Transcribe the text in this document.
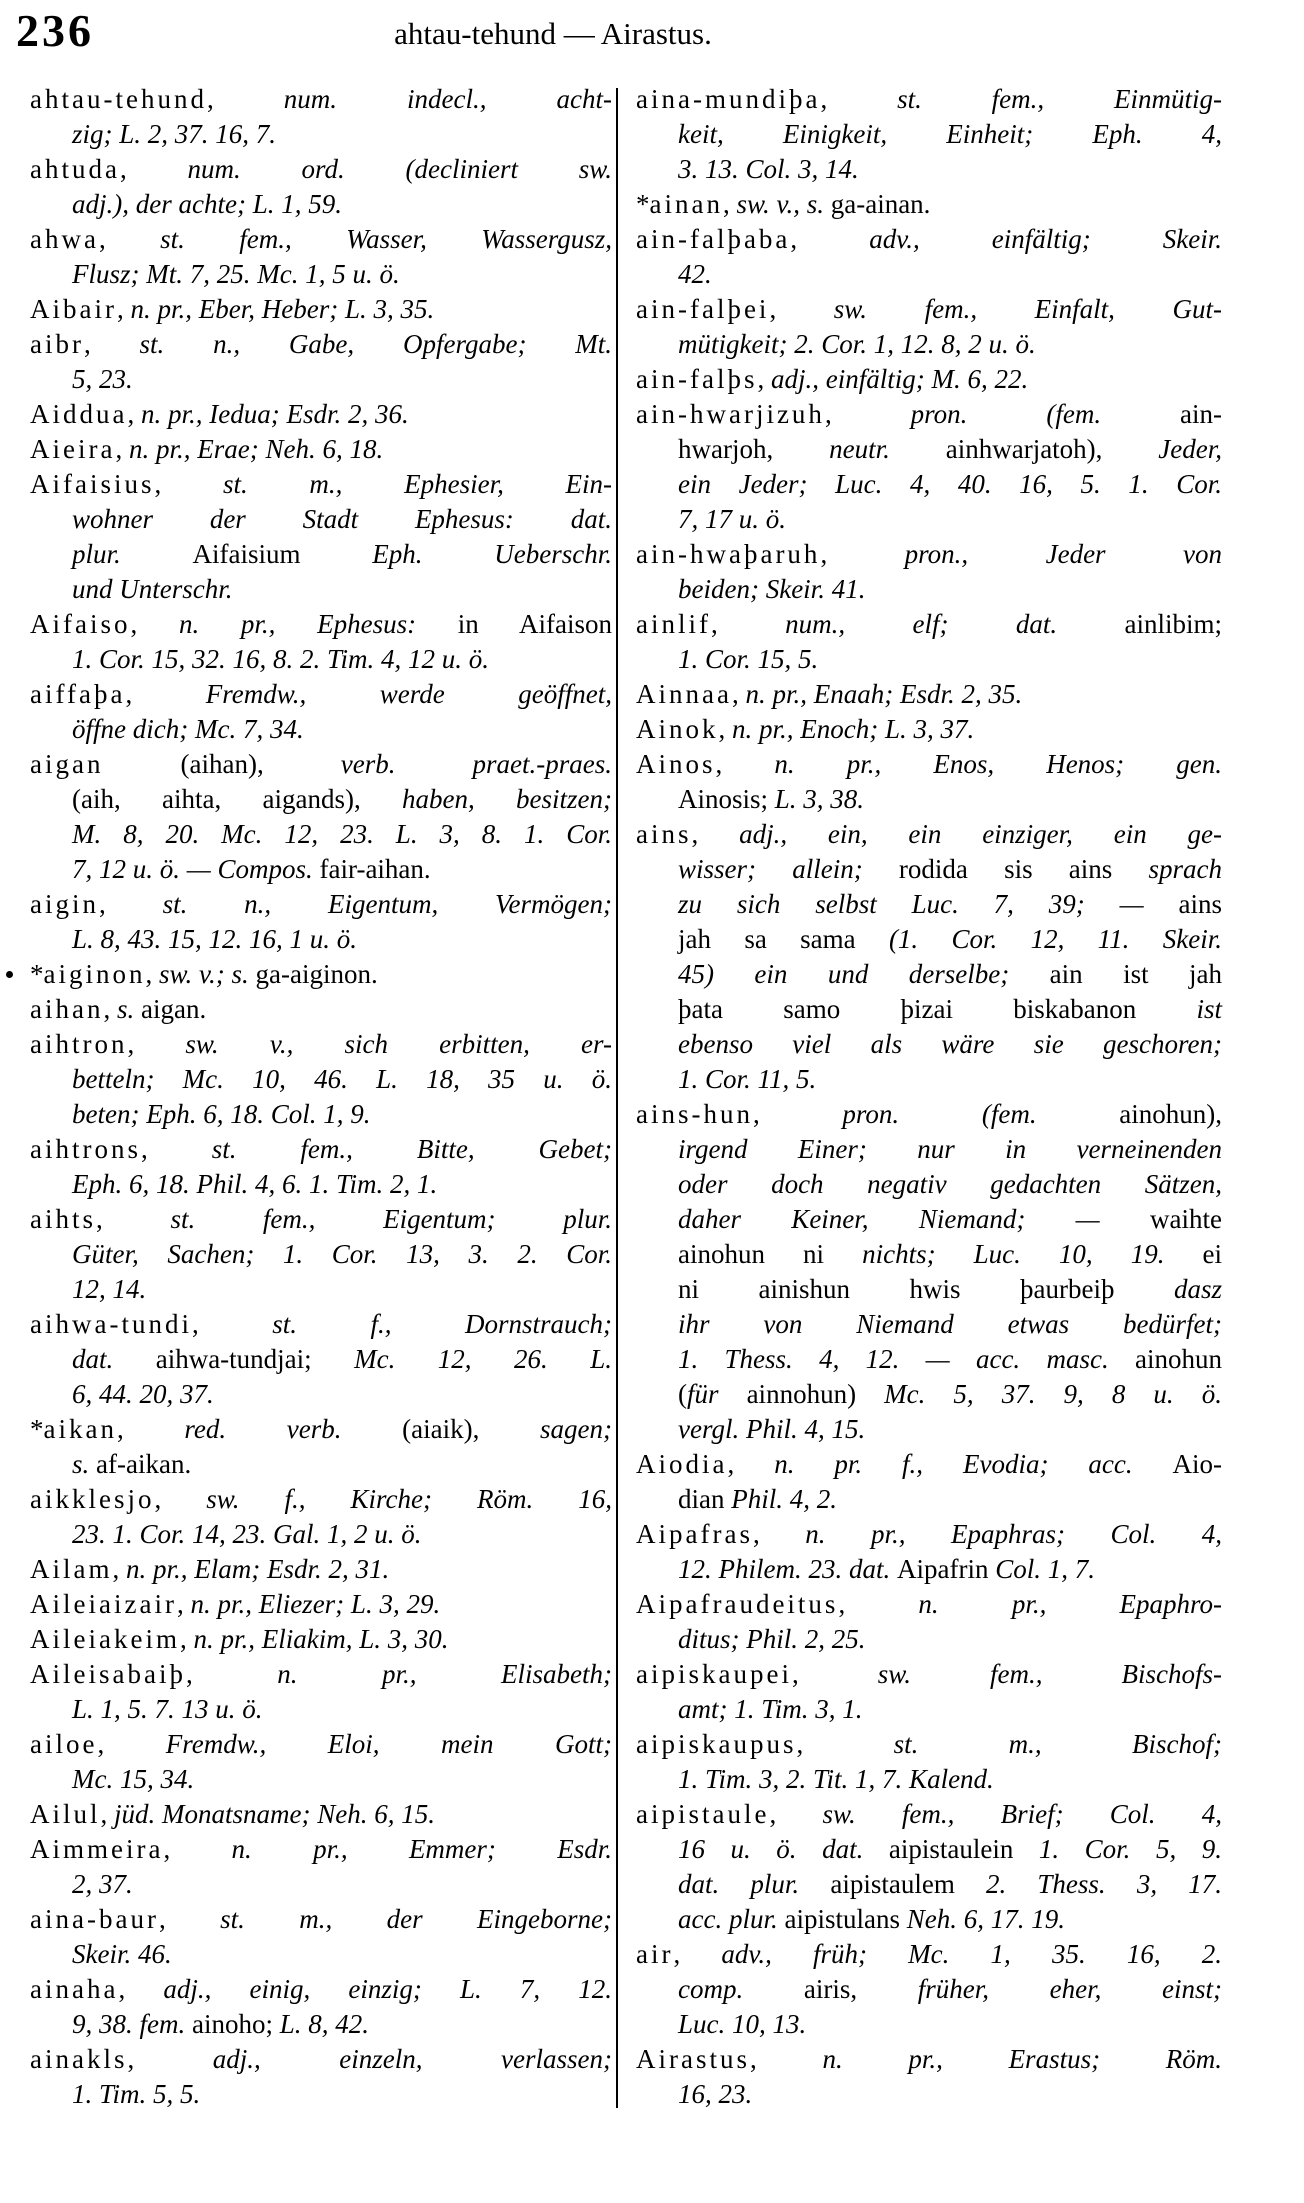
236	ahtau-tehund — Airastus.
ahtau-tehund, num. indecl., acht-
zig; L. 2, 37. 16, 7.
ahtuda, num. ord. (decliniert sw.
adj.), der achte; L. 1, 59.
ahwa, st. fem., Wasser, Wassergusz,
Flusz; Mt. 7, 25. Mc. 1, 5 u. ö.
Aibair, n. pr., Eber, Heber; L. 3, 35.
aibr, st. n., Gabe, Opfergabe; Mt.
5, 23.
Aiddua, n. pr., Iedua; Esdr. 2, 36.
Aieira, n. pr., Erae; Neh. 6, 18.
Aifaisius, st. m., Ephesier, Ein-
wohner der Stadt Ephesus: dat.
plur. Aifaisium Eph. Ueberschr.
und Unterschr.
Aifaiso, n. pr., Ephesus: in Aifaison
1. Cor. 15, 32. 16, 8. 2. Tim. 4, 12 u. ö.
aiffaþa, Fremdw., werde geöffnet,
öffne dich; Mc. 7, 34.
aigan (aihan), verb. praet.-praes.
(aih, aihta, aigands), haben, besitzen;
M. 8, 20. Mc. 12, 23. L. 3, 8. 1. Cor.
7, 12 u. ö. — Compos. fair-aihan.
aigin, st. n., Eigentum, Vermögen;
L. 8, 43. 15, 12. 16, 1 u. ö.
*aiginon, sw. v.; s. ga-aiginon.
aihan, s. aigan.
aihtron, sw. v., sich erbitten, er-
betteln; Mc. 10, 46. L. 18, 35 u. ö.
beten; Eph. 6, 18. Col. 1, 9.
aihtrons, st. fem., Bitte, Gebet;
Eph. 6, 18. Phil. 4, 6. 1. Tim. 2, 1.
aihts, st. fem., Eigentum; plur.
Güter, Sachen; 1. Cor. 13, 3. 2. Cor.
12, 14.
aihwa-tundi, st. f., Dornstrauch;
dat. aihwa-tundjai; Mc. 12, 26. L.
6, 44. 20, 37.
*aikan, red. verb. (aiaik), sagen;
s. af-aikan.
aikklesjo, sw. f., Kirche; Röm. 16,
23. 1. Cor. 14, 23. Gal. 1, 2 u. ö.
Ailam, n. pr., Elam; Esdr. 2, 31.
Aileiaizair, n. pr., Eliezer; L. 3, 29.
Aileiakeim, n. pr., Eliakim, L. 3, 30.
Aileisabaiþ, n. pr., Elisabeth;
L. 1, 5. 7. 13 u. ö.
ailoe, Fremdw., Eloi, mein Gott;
Mc. 15, 34.
Ailul, jüd. Monatsname; Neh. 6, 15.
Aimmeira, n. pr., Emmer; Esdr.
2, 37.
aina-baur, st. m., der Eingeborne;
Skeir. 46.
ainaha, adj., einig, einzig; L. 7, 12.
9, 38. fem. ainoho; L. 8, 42.
ainakls, adj., einzeln, verlassen;
1. Tim. 5, 5.
aina-mundiþa, st. fem., Einmütig-
keit, Einigkeit, Einheit; Eph. 4,
3. 13. Col. 3, 14.
*ainan, sw. v., s. ga-ainan.
ain-falþaba, adv., einfältig; Skeir.
42.
ain-falþei, sw. fem., Einfalt, Gut-
mütigkeit; 2. Cor. 1, 12. 8, 2 u. ö.
ain-falþs, adj., einfältig; M. 6, 22.
ain-hwarjizuh, pron. (fem. ain-
hwarjoh, neutr. ainhwarjatoh), Jeder,
ein Jeder; Luc. 4, 40. 16, 5. 1. Cor.
7, 17 u. ö.
ain-hwaþaruh, pron., Jeder von
beiden; Skeir. 41.
ainlif, num., elf; dat. ainlibim;
1. Cor. 15, 5.
Ainnaa, n. pr., Enaah; Esdr. 2, 35.
Ainok, n. pr., Enoch; L. 3, 37.
Ainos, n. pr., Enos, Henos; gen.
Ainosis; L. 3, 38.
ains, adj., ein, ein einziger, ein ge-
wisser; allein; rodida sis ains sprach
zu sich selbst Luc. 7, 39; — ains
jah sa sama (1. Cor. 12, 11. Skeir.
45) ein und derselbe; ain ist jah
þata samo þizai biskabanon ist
ebenso viel als wäre sie geschoren;
1. Cor. 11, 5.
ains-hun, pron. (fem. ainohun),
irgend Einer; nur in verneinenden
oder doch negativ gedachten Sätzen,
daher Keiner, Niemand; — waihte
ainohun ni nichts; Luc. 10, 19. ei
ni ainishun hwis þaurbeiþ dasz
ihr von Niemand etwas bedürfet;
1. Thess. 4, 12. — acc. masc. ainohun
(für ainnohun) Mc. 5, 37. 9, 8 u. ö.
vergl. Phil. 4, 15.
Aiodia, n. pr. f., Evodia; acc. Aio-
dian Phil. 4, 2.
Aipafras, n. pr., Epaphras; Col. 4,
12. Philem. 23. dat. Aipafrin Col. 1, 7.
Aipafraudeitus, n. pr., Epaphro-
ditus; Phil. 2, 25.
aipiskaupei, sw. fem., Bischofs-
amt; 1. Tim. 3, 1.
aipiskaupus, st. m., Bischof;
1. Tim. 3, 2. Tit. 1, 7. Kalend.
aipistaule, sw. fem., Brief; Col. 4,
16 u. ö. dat. aipistaulein 1. Cor. 5, 9.
dat. plur. aipistaulem 2. Thess. 3, 17.
acc. plur. aipistulans Neh. 6, 17. 19.
air, adv., früh; Mc. 1, 35. 16, 2.
comp. airis, früher, eher, einst;
Luc. 10, 13.
Airastus, n. pr., Erastus; Röm.
16, 23.
